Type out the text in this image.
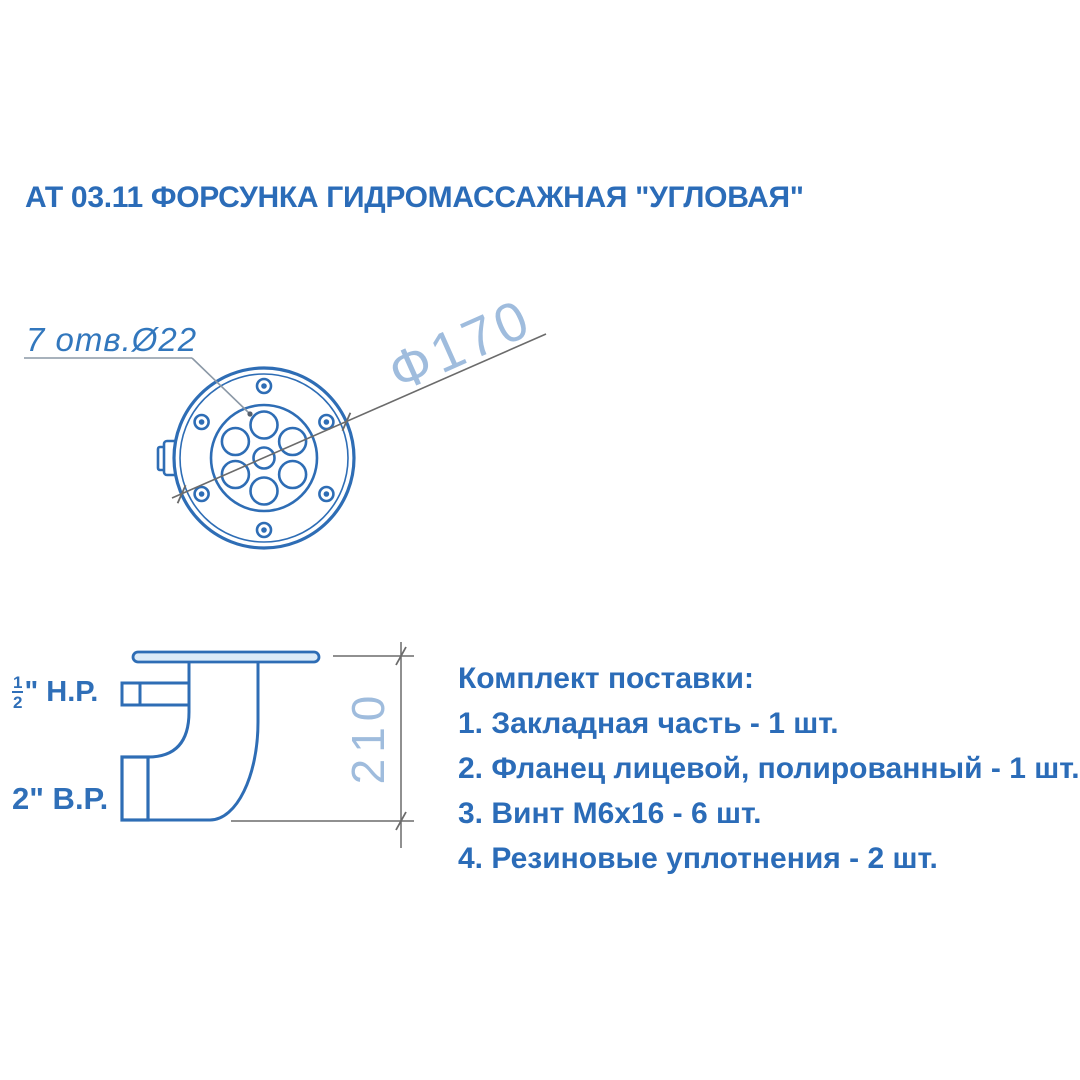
АТ 03.11 ФОРСУНКА ГИДРОМАССАЖНАЯ "УГЛОВАЯ"
7 отв.Ø22	Ф170
210
$\frac{1}{2}$ " Н.Р.
2" В.Р.
Комплект поставки:
1. Закладная часть - 1 шт.
2. Фланец лицевой, полированный - 1 шт.
3. Винт М6х16 - 6 шт.
4. Резиновые уплотнения - 2 шт.
